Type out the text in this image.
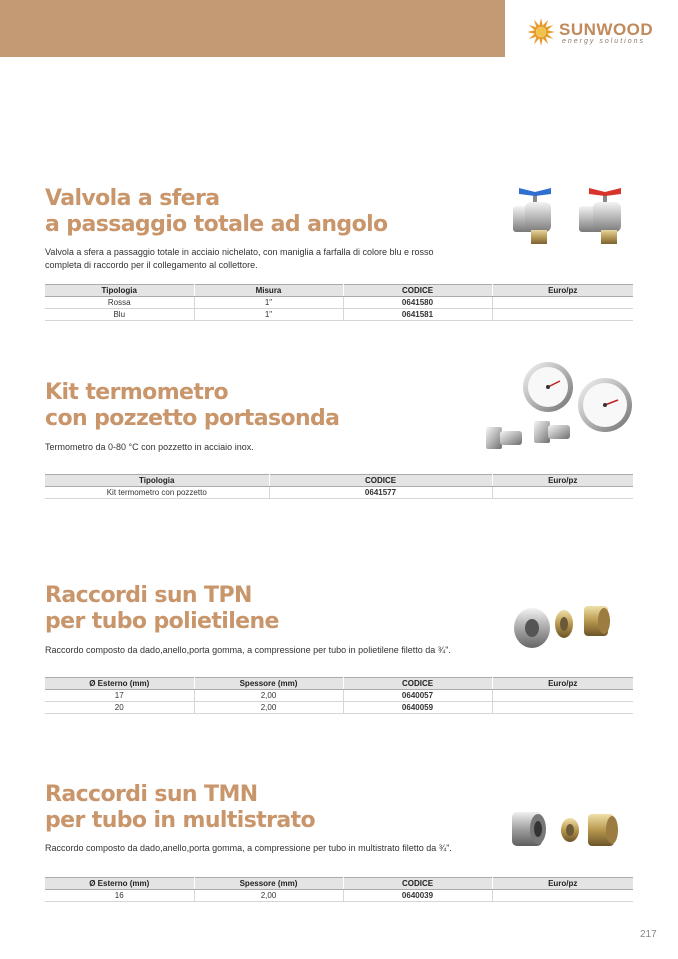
SUNWOOD
energy solutions
Valvola a sfera
a passaggio totale ad angolo
Valvola a sfera a passaggio totale in acciaio nichelato, con maniglia a farfalla di colore blu e rosso
completa di raccordo per il collegamento al collettore.
Tipologia	Misura	CODICE	Euro/pz
Rossa	1"	0641580	
Blu	1"	0641581	
Kit termometro
con pozzetto portasonda
Termometro da 0-80 °C con pozzetto in acciaio inox.
Tipologia	CODICE	Euro/pz
Kit termometro con pozzetto	0641577	
Raccordi sun TPN
per tubo polietilene
Raccordo composto da dado,anello,porta gomma, a compressione per tubo in polietilene filetto da ¾".
Ø Esterno (mm)	Spessore (mm)	CODICE	Euro/pz
17	2,00	0640057	
20	2,00	0640059	
Raccordi sun TMN
per tubo in multistrato
Raccordo composto da dado,anello,porta gomma, a compressione per tubo in multistrato filetto da ¾".
Ø Esterno (mm)	Spessore (mm)	CODICE	Euro/pz
16	2,00	0640039	
217
